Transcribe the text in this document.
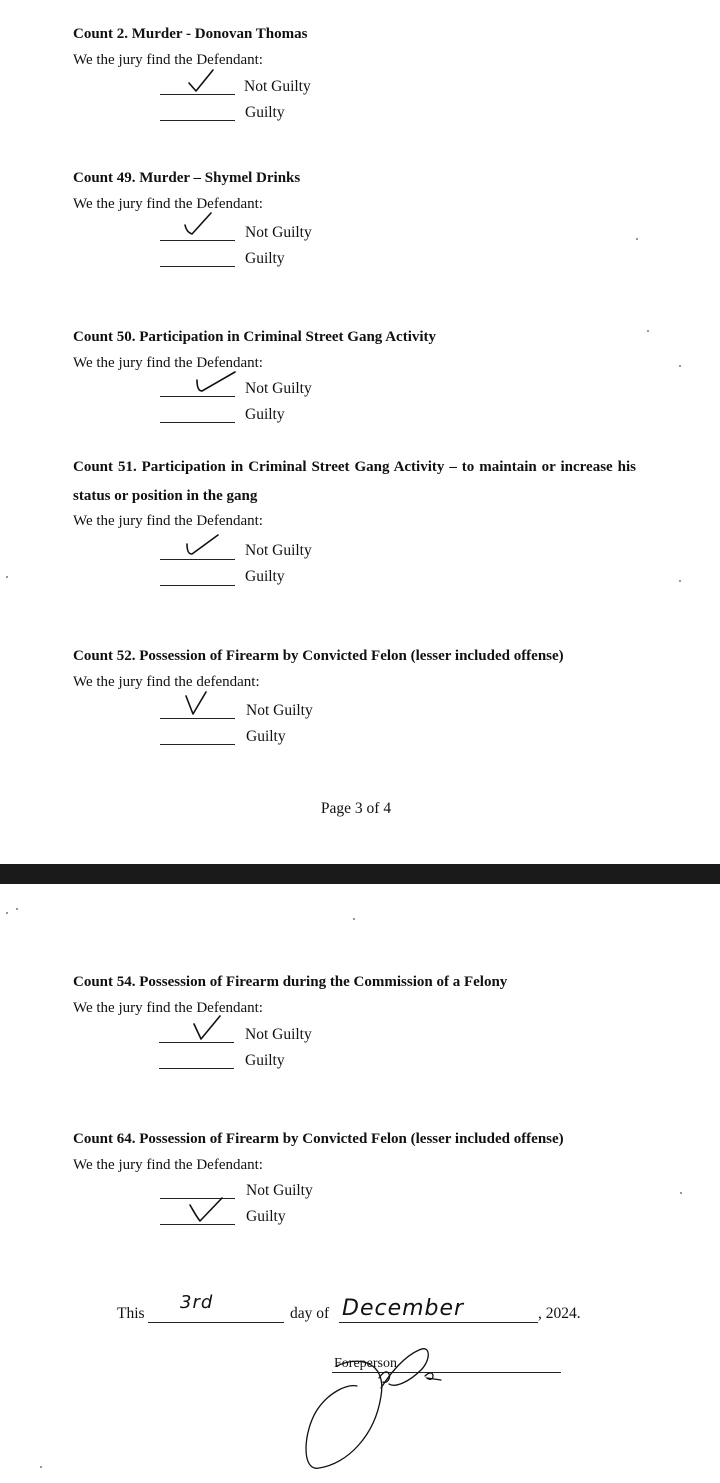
Count 2. Murder - Donovan Thomas

We the jury find the Defendant:
Not Guilty
Guilty

Count 49. Murder – Shymel Drinks

We the jury find the Defendant:
Not Guilty
Guilty

Count 50. Participation in Criminal Street Gang Activity

We the jury find the Defendant:
Not Guilty
Guilty

Count 51. Participation in Criminal Street Gang Activity – to maintain or increase his status or position in the gang

We the jury find the Defendant:
Not Guilty
Guilty

Count 52. Possession of Firearm by Convicted Felon (lesser included offense)

We the jury find the defendant:
Not Guilty
Guilty
Page 3 of 4

Count 54. Possession of Firearm during the Commission of a Felony

We the jury find the Defendant:
Not Guilty
Guilty

Count 64. Possession of Firearm by Convicted Felon (lesser included offense)

We the jury find the Defendant:
Not Guilty
Guilty
This
3rd
day of December	, 2024.
Foreperson
